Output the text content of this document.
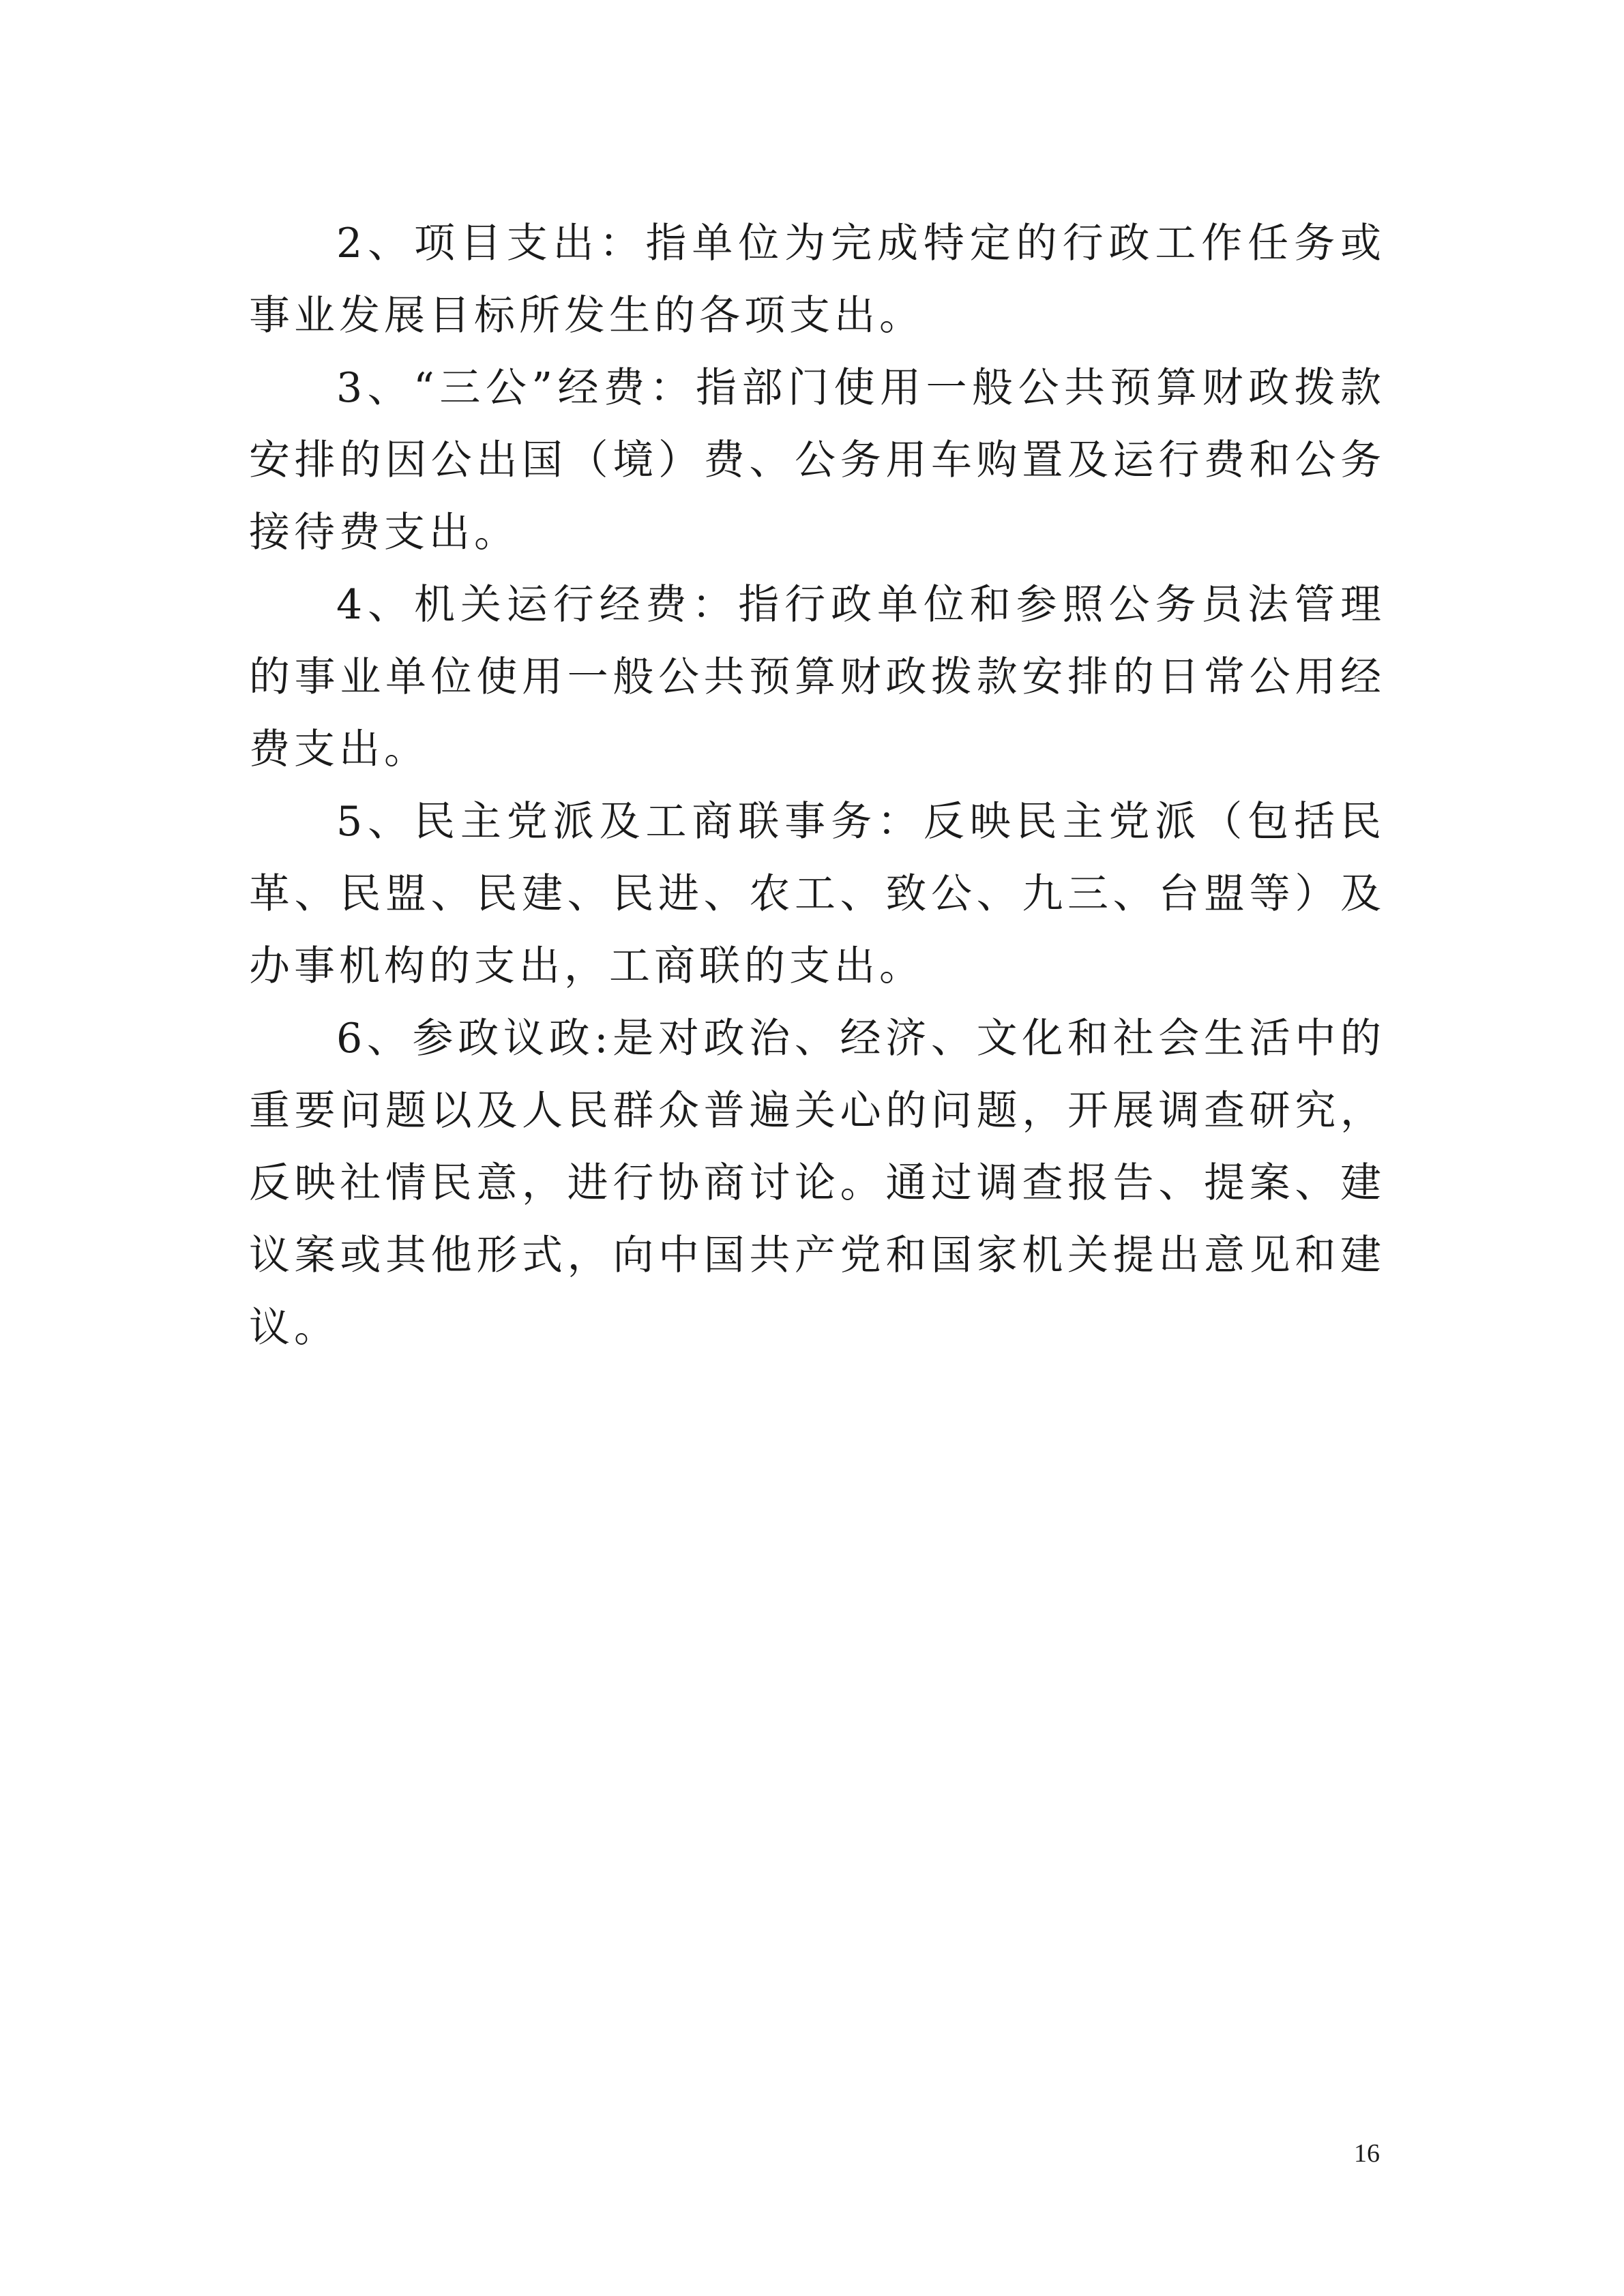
2、项目支出：指单位为完成特定的行政工作任务或事业发展目标所发生的各项支出。

3、“三公”经费：指部门使用一般公共预算财政拨款安排的因公出国（境）费、公务用车购置及运行费和公务接待费支出。

4、机关运行经费：指行政单位和参照公务员法管理的事业单位使用一般公共预算财政拨款安排的日常公用经费支出。

5、民主党派及工商联事务：反映民主党派（包括民革、民盟、民建、民进、农工、致公、九三、台盟等）及办事机构的支出，工商联的支出。

6、参政议政:是对政治、经济、文化和社会生活中的重要问题以及人民群众普遍关心的问题，开展调查研究，反映社情民意，进行协商讨论。通过调查报告、提案、建议案或其他形式，向中国共产党和国家机关提出意见和建议。

16
